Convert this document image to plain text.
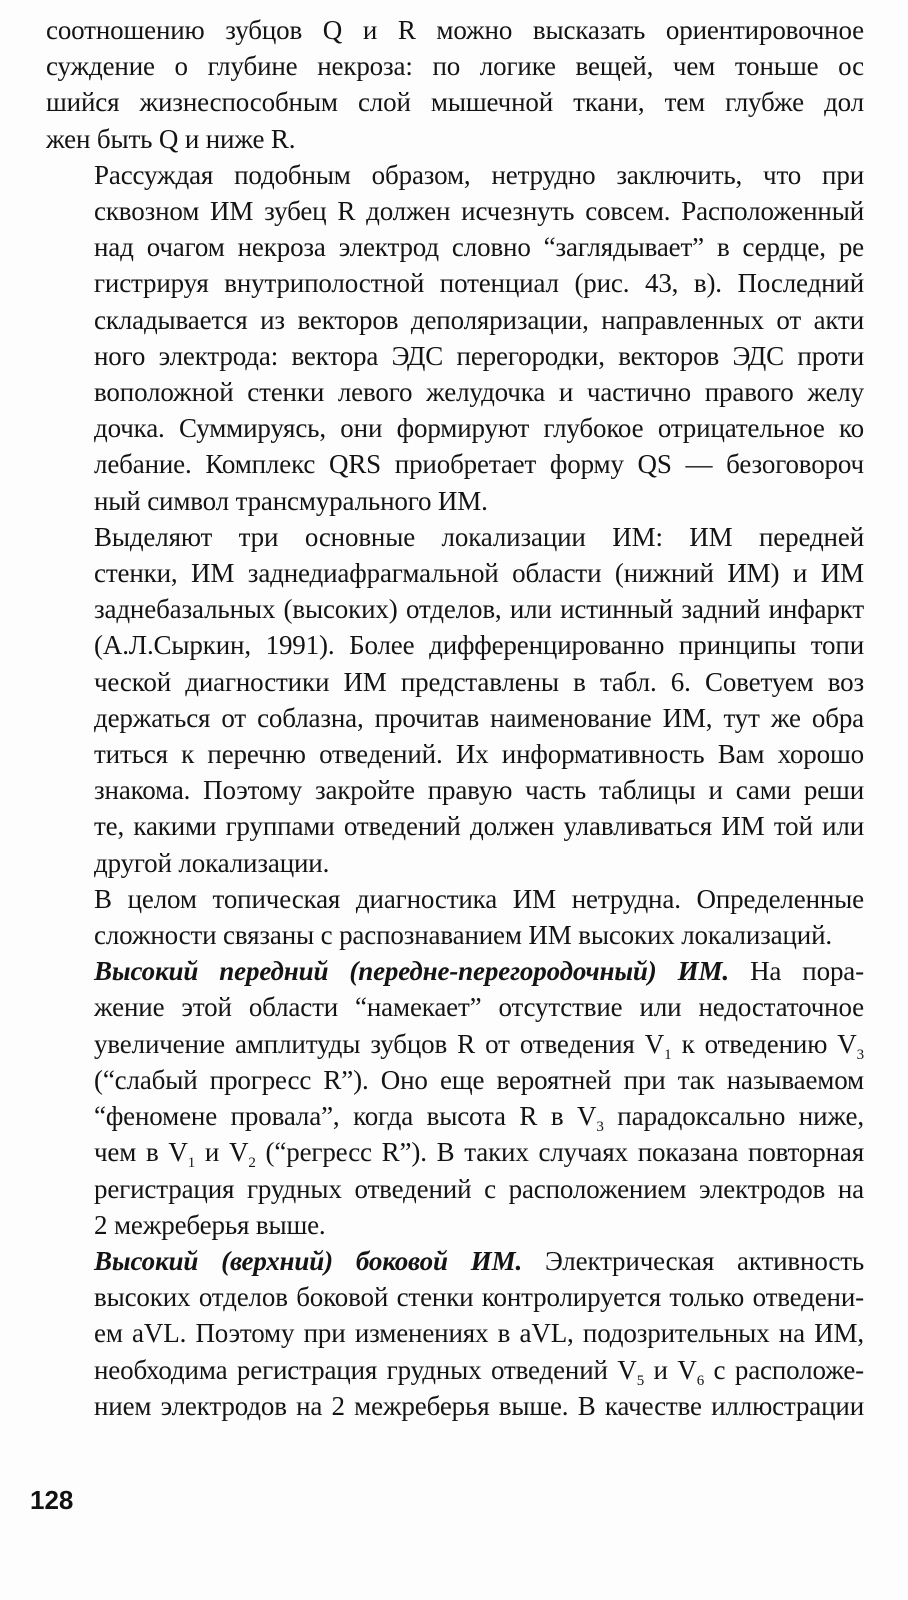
соотношению зубцов Q и R можно высказать ориентировочное
суждение о глубине некроза: по логике вещей, чем тоньше ос
шийся жизнеспособным слой мышечной ткани, тем глубже дол
жен быть Q и ниже R.

Рассуждая подобным образом, нетрудно заключить, что при
сквозном ИМ зубец R должен исчезнуть совсем. Расположенный
над очагом некроза электрод словно “заглядывает” в сердце, ре
гистрируя внутриполостной потенциал (рис. 43, в). Последний
складывается из векторов деполяризации, направленных от акти
ного электрода: вектора ЭДС перегородки, векторов ЭДС проти
воположной стенки левого желудочка и частично правого желу
дочка. Суммируясь, они формируют глубокое отрицательное ко
лебание. Комплекс QRS приобретает форму QS — безоговороч
ный символ трансмурального ИМ.

Выделяют три основные локализации ИМ: ИМ передней
стенки, ИМ заднедиафрагмальной области (нижний ИМ) и ИМ
заднебазальных (высоких) отделов, или истинный задний инфаркт
(А.Л.Сыркин, 1991). Более дифференцированно принципы топи
ческой диагностики ИМ представлены в табл. 6. Советуем воз
держаться от соблазна, прочитав наименование ИМ, тут же обра
титься к перечню отведений. Их информативность Вам хорошо
знакома. Поэтому закройте правую часть таблицы и сами реши
те, какими группами отведений должен улавливаться ИМ той или
другой локализации.

В целом топическая диагностика ИМ нетрудна. Определенные
сложности связаны с распознаванием ИМ высоких локализаций.

Высокий передний (передне-перегородочный) ИМ. На пора-
жение этой области “намекает” отсутствие или недостаточное
увеличение амплитуды зубцов R от отведения $V_1$ к отведению $V_3$
(“слабый прогресс R”). Оно еще вероятней при так называемом
“феномене провала”, когда высота R в $V_3$ парадоксально ниже,
чем в $V_1$ и $V_2$ (“регресс R”). В таких случаях показана повторная
регистрация грудных отведений с расположением электродов на
2 межреберья выше.

Высокий (верхний) боковой ИМ. Электрическая активность
высоких отделов боковой стенки контролируется только отведени-
ем aVL. Поэтому при изменениях в aVL, подозрительных на ИМ,
необходима регистрация грудных отведений $V_5$ и $V_6$ с расположе-
нием электродов на 2 межреберья выше. В качестве иллюстрации

128
